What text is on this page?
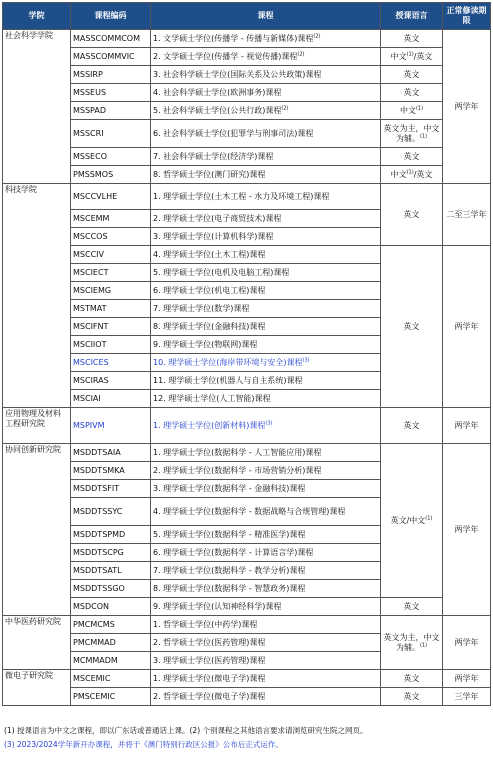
学院	课程编码	课程	授课语言	正常修读期限
社会科学学院	MASSCOMMCOM	1. 文学硕士学位(传播学 - 传播与新媒体)课程$^{(2)}$	英文	两学年
	MASSCOMMVIC	2. 文学硕士学位(传播学 - 视觉传播)课程$^{(2)}$	中文$^{(1)}$/英文	
	MSSIRP	3. 社会科学硕士学位(国际关系及公共政策)课程	英文	
	MSSEUS	4. 社会科学硕士学位(欧洲事务)课程	英文	
	MSSPAD	5. 社会科学硕士学位(公共行政)课程$^{(2)}$	中文$^{(1)}$
	MSSCRI	6. 社会科学硕士学位(犯罪学与刑事司法)课程	英文为主，中文为辅。$^{(1)}$
	MSSECO	7. 社会科学硕士学位(经济学)课程	英文	
	PMSSMOS	8. 哲学硕士学位(澳门研究)课程	中文$^{(1)}$/英文	
科技学院	MSCCVLHE	1. 理学硕士学位(土木工程 - 水力及环境工程)课程	英文	二至三学年
	MSCEMM	2. 理学硕士学位(电子商贸技术)课程		
	MSCCOS	3. 理学硕士学位(计算机科学)课程		
	MSCCIV	4. 理学硕士学位(土木工程)课程	英文	两学年
	MSCIECT	5. 理学硕士学位(电机及电脑工程)课程		
	MSCIEMG	6. 理学硕士学位(机电工程)课程		
	MSTMAT	7. 理学硕士学位(数学)课程		
	MSCIFNT	8. 理学硕士学位(金融科技)课程		
	MSCIIOT	9. 理学硕士学位(物联网)课程		
	MSCICES	10. 理学硕士学位(海岸带环境与安全)课程$^{(3)}$
	MSCIRAS	11. 理学硕士学位(机器人与自主系统)课程		
	MSCIAI	12. 理学硕士学位(人工智能)课程		
应用物理及材料工程研究院	MSPIVM	1. 理学硕士学位(创新材料)课程$^{(3)}$	英文	两学年
协同创新研究院	MSDDTSAIA	1. 理学硕士学位(数据科学 - 人工智能应用)课程	英文/中文$^{(1)}$	两学年
	MSDDTSMKA	2. 理学硕士学位(数据科学 - 市场营销分析)课程		
	MSDDTSFIT	3. 理学硕士学位(数据科学 - 金融科技)课程		
	MSDDTSSYC	4. 理学硕士学位(数据科学 - 数据战略与合规管理)课程		
	MSDDTSPMD	5. 理学硕士学位(数据科学 - 精准医学)课程		
	MSDDTSCPG	6. 理学硕士学位(数据科学 - 计算语言学)课程		
	MSDDTSATL	7. 理学硕士学位(数据科学 - 教学分析)课程		
	MSDDTSSGO	8. 理学硕士学位(数据科学 - 智慧政务)课程		
	MSDCON	9. 理学硕士学位(认知神经科学)课程	英文	
中华医药研究院	PMCMCMS	1. 哲学硕士学位(中药学)课程	英文为主，中文为辅。$^{(1)}$	两学年
	PMCMMAD	2. 哲学硕士学位(医药管理)课程		
	MCMMADM	3. 理学硕士学位(医药管理)课程		
微电子研究院	MSCEMIC	1. 理学硕士学位(微电子学)课程	英文	两学年
	PMSCEMIC	2. 哲学硕士学位(微电子学)课程	英文	三学年
(1) 授课语言为中文之课程，即以广东话或普通话上课。(2) 个别课程之其他语言要求请浏览研究生院之网页。
(3) 2023/2024学年新开办课程，并将于《澳门特别行政区公报》公布后正式运作。
